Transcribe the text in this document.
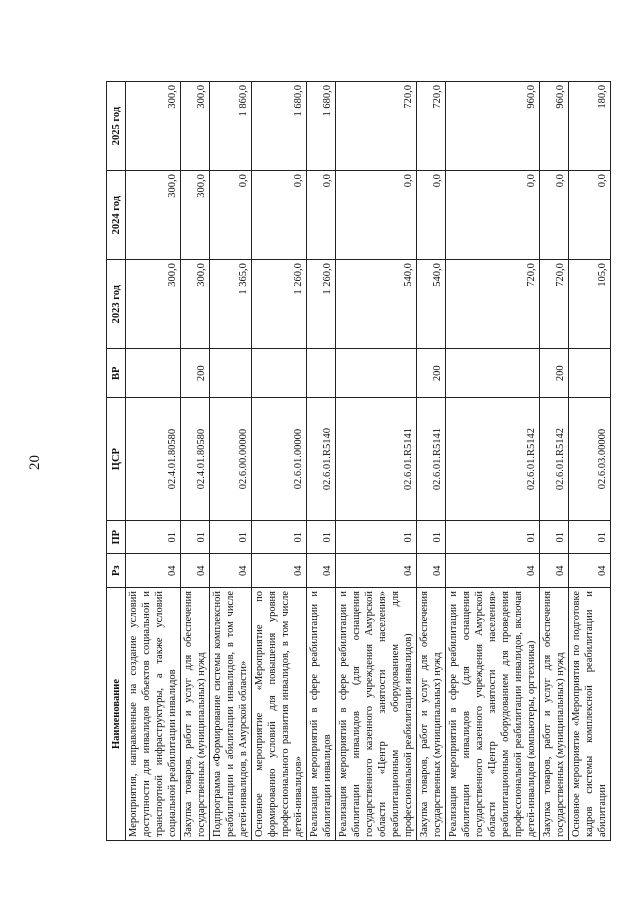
20
Наименование	Рз	ПР	ЦСР	ВР	2023 год	2024 год	2025 год
Мероприятия, направленные на создание условий доступности для инвалидов объектов социальной и транспортной инфраструктуры, а также условий социальной реабилитации инвалидов	04	01	02.4.01.80580		300,0	300,0	300,0
Закупка товаров, работ и услуг для обеспечения государственных (муниципальных) нужд	04	01	02.4.01.80580	200	300,0	300,0	300,0
Подпрограмма «Формирование системы комплексной реабилитации и абилитации инвалидов, в том числе детей-инвалидов, в Амурской области»	04	01	02.6.00.00000		1 365,0	0,0	1 860,0
Основное мероприятие «Мероприятие по формированию условий для повышения уровня профессионального развития инвалидов, в том числе детей-инвалидов»	04	01	02.6.01.00000		1 260,0	0,0	1 680,0
Реализация мероприятий в сфере реабилитации и абилитации инвалидов	04	01	02.6.01.R5140		1 260,0	0,0	1 680,0
Реализация мероприятий в сфере реабилитации и абилитации инвалидов (для оснащения государственного казенного учреждения Амурской области «Центр занятости населения» реабилитационным оборудованием для профессиональной реабилитации инвалидов)	04	01	02.6.01.R5141		540,0	0,0	720,0
Закупка товаров, работ и услуг для обеспечения государственных (муниципальных) нужд	04	01	02.6.01.R5141	200	540,0	0,0	720,0
Реализация мероприятий в сфере реабилитации и абилитации инвалидов (для оснащения государственного казенного учреждения Амурской области «Центр занятости населения» реабилитационным оборудованием для проведения профессиональной реабилитации инвалидов, включая детей-инвалидов (компьютеры, оргтехника)	04	01	02.6.01.R5142		720,0	0,0	960,0
Закупка товаров, работ и услуг для обеспечения государственных (муниципальных) нужд	04	01	02.6.01.R5142	200	720,0	0,0	960,0
Основное мероприятие «Мероприятия по подготовке кадров системы комплексной реабилитации и абилитации	04	01	02.6.03.00000		105,0	0,0	180,0
